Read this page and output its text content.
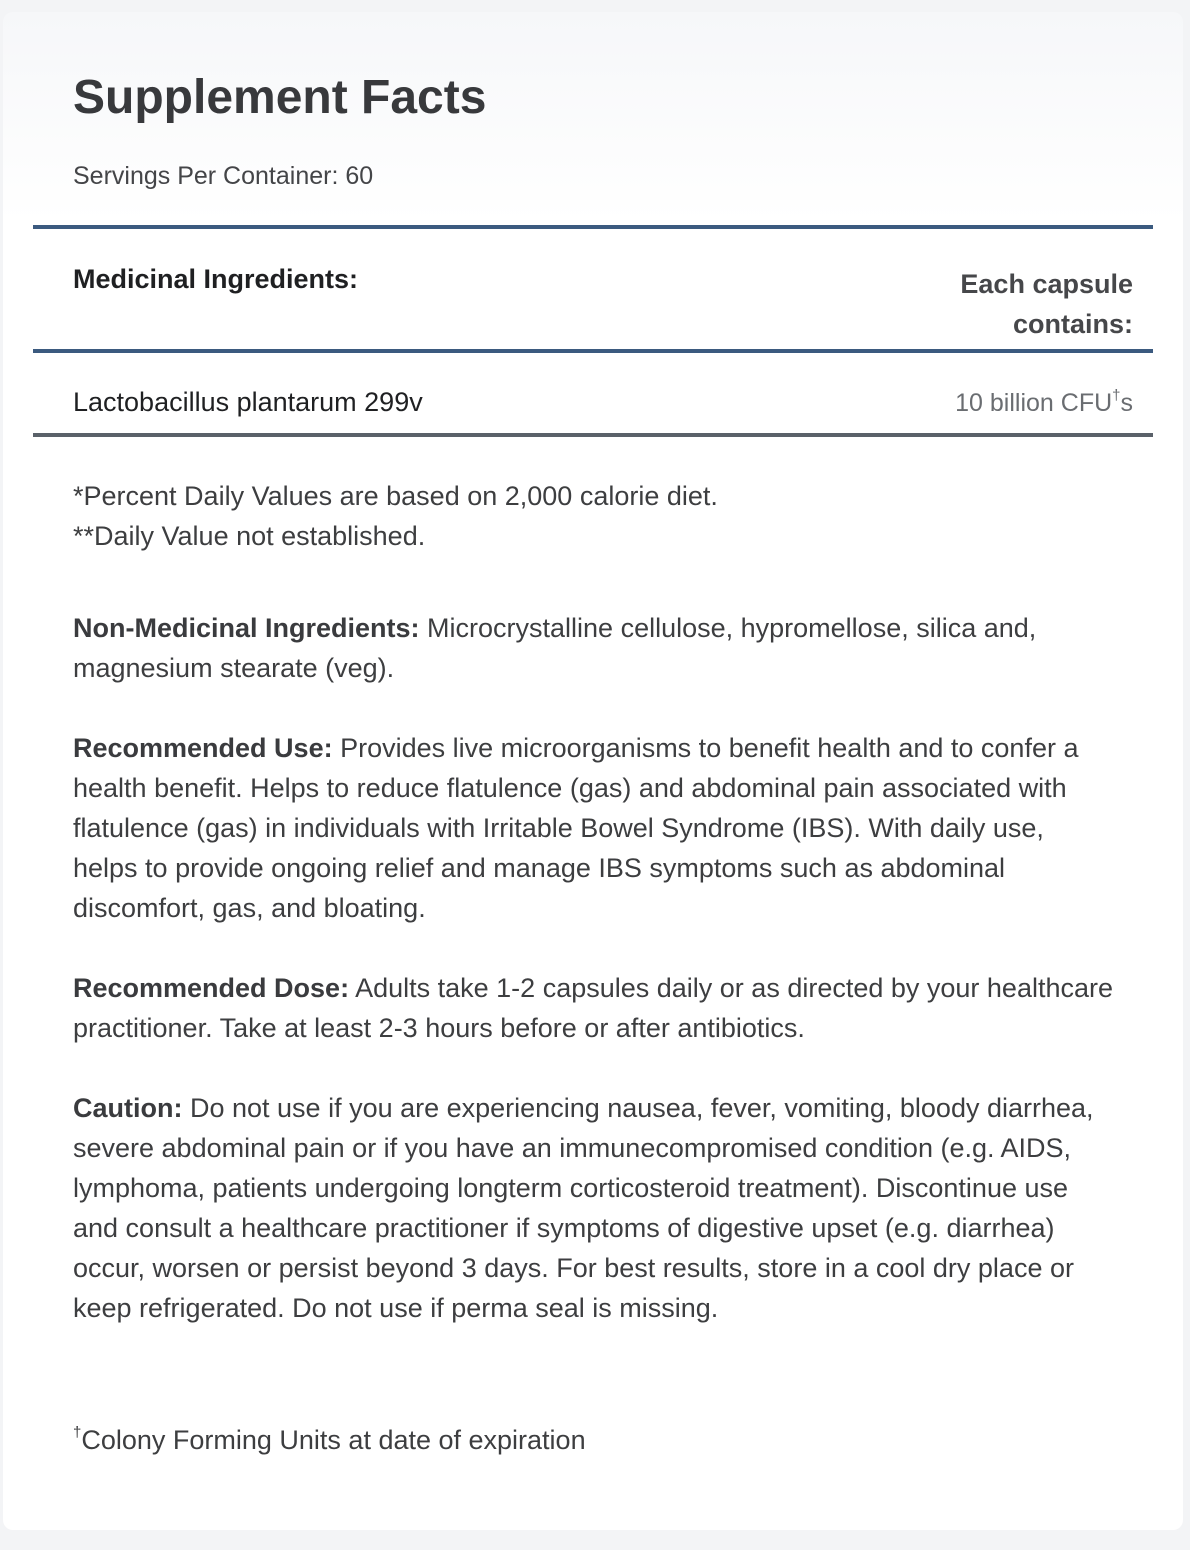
Supplement Facts
Servings Per Container: 60
Medicinal Ingredients:	Each capsule contains:
Lactobacillus plantarum 299v	10 billion CFU†s
*Percent Daily Values are based on 2,000 calorie diet.
**Daily Value not established.

Non-Medicinal Ingredients: Microcrystalline cellulose, hypromellose, silica and, magnesium stearate (veg).

Recommended Use: Provides live microorganisms to benefit health and to confer a health benefit. Helps to reduce flatulence (gas) and abdominal pain associated with flatulence (gas) in individuals with Irritable Bowel Syndrome (IBS). With daily use, helps to provide ongoing relief and manage IBS symptoms such as abdominal discomfort, gas, and bloating.

Recommended Dose: Adults take 1-2 capsules daily or as directed by your healthcare practitioner. Take at least 2-3 hours before or after antibiotics.

Caution: Do not use if you are experiencing nausea, fever, vomiting, bloody diarrhea, severe abdominal pain or if you have an immunecompromised condition (e.g. AIDS, lymphoma, patients undergoing longterm corticosteroid treatment). Discontinue use and consult a healthcare practitioner if symptoms of digestive upset (e.g. diarrhea) occur, worsen or persist beyond 3 days. For best results, store in a cool dry place or keep refrigerated. Do not use if perma seal is missing.

†Colony Forming Units at date of expiration
